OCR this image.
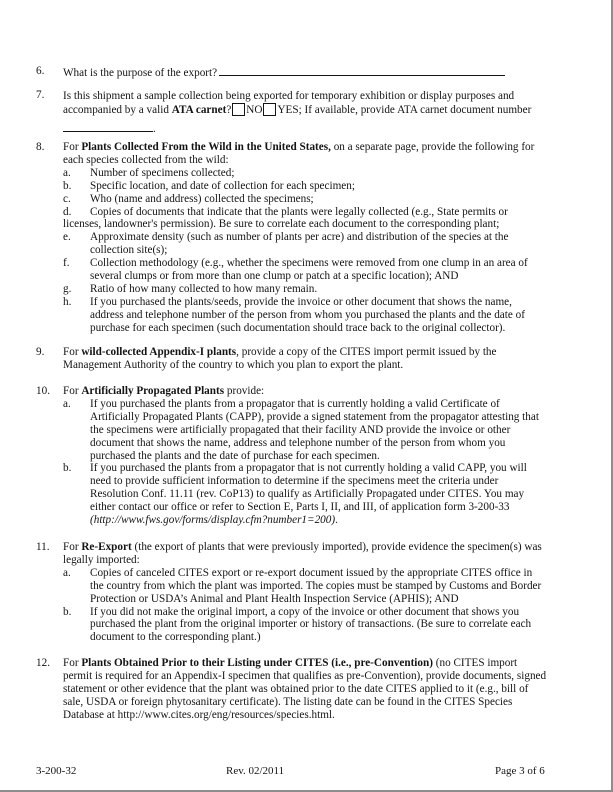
6. What is the purpose of the export?
7. Is this shipment a sample collection being exported for temporary exhibition or display purposes and accompanied by a valid ATA carnet? NO YES; If available, provide ATA carnet document number
.
8. For Plants Collected From the Wild in the United States, on a separate page, provide the following for each species collected from the wild:
a. Number of specimens collected;
b. Specific location, and date of collection for each specimen;
c. Who (name and address) collected the specimens;
d. Copies of documents that indicate that the plants were legally collected (e.g., State permits or licenses, landowner's permission). Be sure to correlate each document to the corresponding plant;
e. Approximate density (such as number of plants per acre) and distribution of the species at the collection site(s);
f. Collection methodology (e.g., whether the specimens were removed from one clump in an area of several clumps or from more than one clump or patch at a specific location); AND
g. Ratio of how many collected to how many remain.
h. If you purchased the plants/seeds, provide the invoice or other document that shows the name, address and telephone number of the person from whom you purchased the plants and the date of purchase for each specimen (such documentation should trace back to the original collector).
9. For wild-collected Appendix-I plants, provide a copy of the CITES import permit issued by the Management Authority of the country to which you plan to export the plant.
10. For Artificially Propagated Plants provide:
a. If you purchased the plants from a propagator that is currently holding a valid Certificate of Artificially Propagated Plants (CAPP), provide a signed statement from the propagator attesting that the specimens were artificially propagated that their facility AND provide the invoice or other document that shows the name, address and telephone number of the person from whom you purchased the plants and the date of purchase for each specimen.
b. If you purchased the plants from a propagator that is not currently holding a valid CAPP, you will need to provide sufficient information to determine if the specimens meet the criteria under Resolution Conf. 11.11 (rev. CoP13) to qualify as Artificially Propagated under CITES. You may either contact our office or refer to Section E, Parts I, II, and III, of application form 3-200-33 (http://www.fws.gov/forms/display.cfm?number1=200).
11. For Re-Export (the export of plants that were previously imported), provide evidence the specimen(s) was legally imported:
a. Copies of canceled CITES export or re-export document issued by the appropriate CITES office in the country from which the plant was imported. The copies must be stamped by Customs and Border Protection or USDA’s Animal and Plant Health Inspection Service (APHIS); AND
b. If you did not make the original import, a copy of the invoice or other document that shows you purchased the plant from the original importer or history of transactions. (Be sure to correlate each document to the corresponding plant.)
12. For Plants Obtained Prior to their Listing under CITES (i.e., pre-Convention) (no CITES import permit is required for an Appendix-I specimen that qualifies as pre-Convention), provide documents, signed statement or other evidence that the plant was obtained prior to the date CITES applied to it (e.g., bill of sale, USDA or foreign phytosanitary certificate). The listing date can be found in the CITES Species Database at http://www.cites.org/eng/resources/species.html.
3-200-32	Rev. 02/2011	Page 3 of 6
